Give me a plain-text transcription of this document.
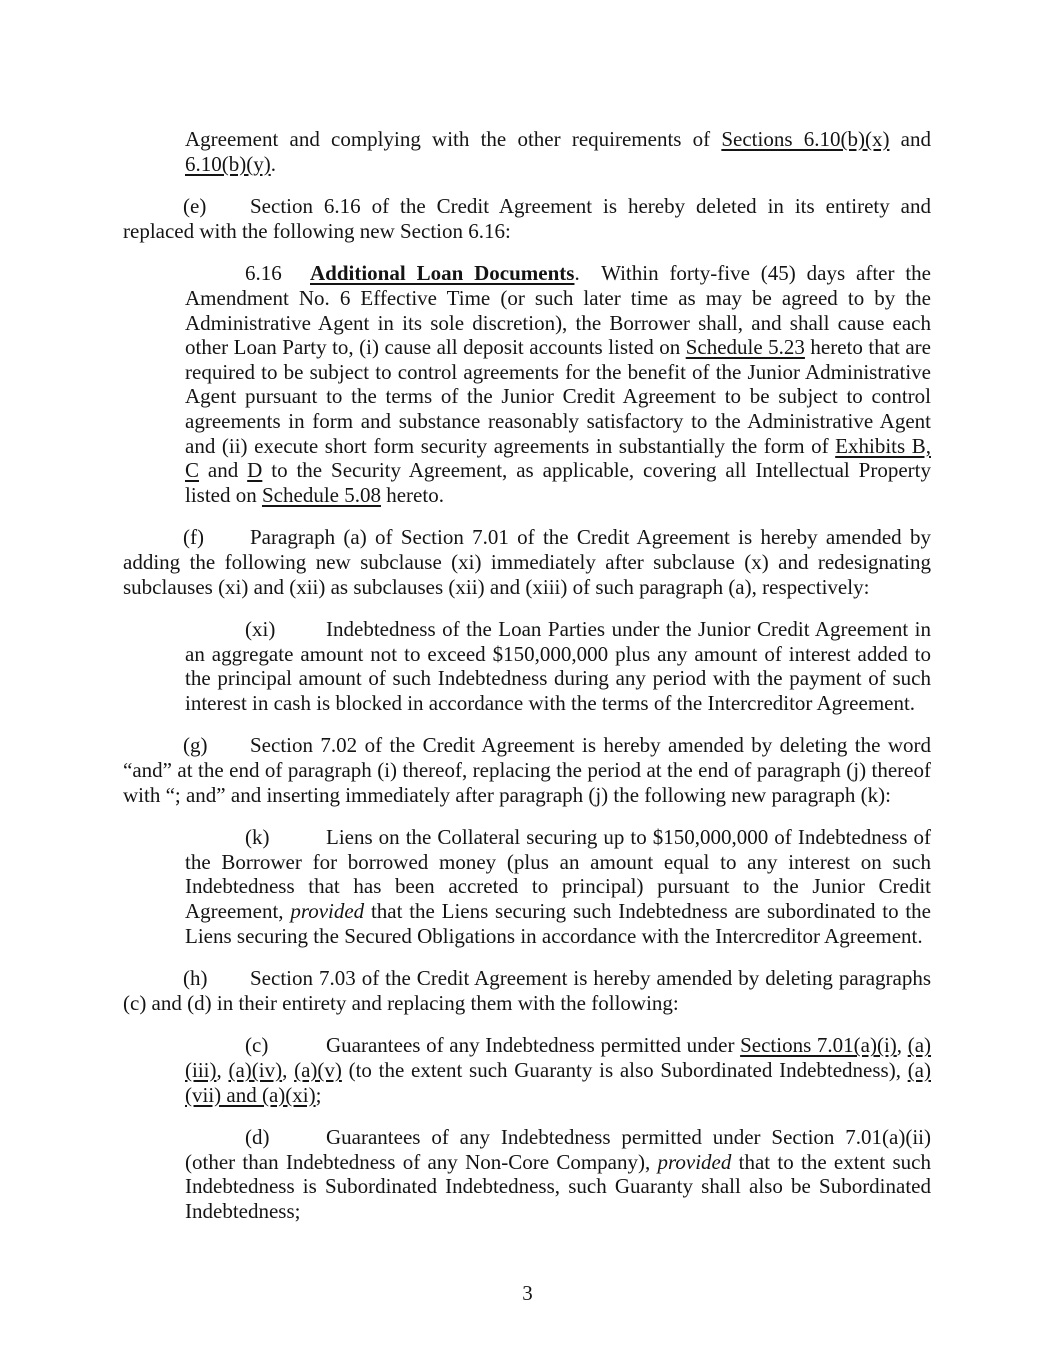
Agreement and complying with the other requirements of Sections 6.10(b)(x) and 6.10(b)(y).
(e) Section 6.16 of the Credit Agreement is hereby deleted in its entirety and replaced with the following new Section 6.16:
6.16 Additional Loan Documents.  Within forty-five (45) days after the Amendment No. 6 Effective Time (or such later time as may be agreed to by the Administrative Agent in its sole discretion), the Borrower shall, and shall cause each other Loan Party to, (i) cause all deposit accounts listed on Schedule 5.23 hereto that are required to be subject to control agreements for the benefit of the Junior Administrative Agent pursuant to the terms of the Junior Credit Agreement to be subject to control agreements in form and substance reasonably satisfactory to the Administrative Agent and (ii) execute short form security agreements in substantially the form of Exhibits B, C and D to the Security Agreement, as applicable, covering all Intellectual Property listed on Schedule 5.08 hereto.
(f) Paragraph (a) of Section 7.01 of the Credit Agreement is hereby amended by adding the following new subclause (xi) immediately after subclause (x) and redesignating subclauses (xi) and (xii) as subclauses (xii) and (xiii) of such paragraph (a), respectively:
(xi) Indebtedness of the Loan Parties under the Junior Credit Agreement in an aggregate amount not to exceed $150,000,000 plus any amount of interest added to the principal amount of such Indebtedness during any period with the payment of such interest in cash is blocked in accordance with the terms of the Intercreditor Agreement.
(g) Section 7.02 of the Credit Agreement is hereby amended by deleting the word “and” at the end of paragraph (i) thereof, replacing the period at the end of paragraph (j) thereof with “; and” and inserting immediately after paragraph (j) the following new paragraph (k):
(k)	Liens on the Collateral securing up to $150,000,000 of Indebtedness of the Borrower for borrowed money (plus an amount equal to any interest on such Indebtedness that has been accreted to principal) pursuant to the Junior Credit Agreement, provided that the Liens securing such Indebtedness are subordinated to the Liens securing the Secured Obligations in accordance with the Intercreditor Agreement.
(h) Section 7.03 of the Credit Agreement is hereby amended by deleting paragraphs (c) and (d) in their entirety and replacing them with the following:
(c)	Guarantees of any Indebtedness permitted under Sections 7.01(a)(i), (a)(iii), (a)(iv), (a)(v) (to the extent such Guaranty is also Subordinated Indebtedness), (a)(vii) and (a)(xi);
(d)	Guarantees of any Indebtedness permitted under Section 7.01(a)(ii) (other than Indebtedness of any Non-Core Company), provided that to the extent such Indebtedness is Subordinated Indebtedness, such Guaranty shall also be Subordinated Indebtedness;
3
